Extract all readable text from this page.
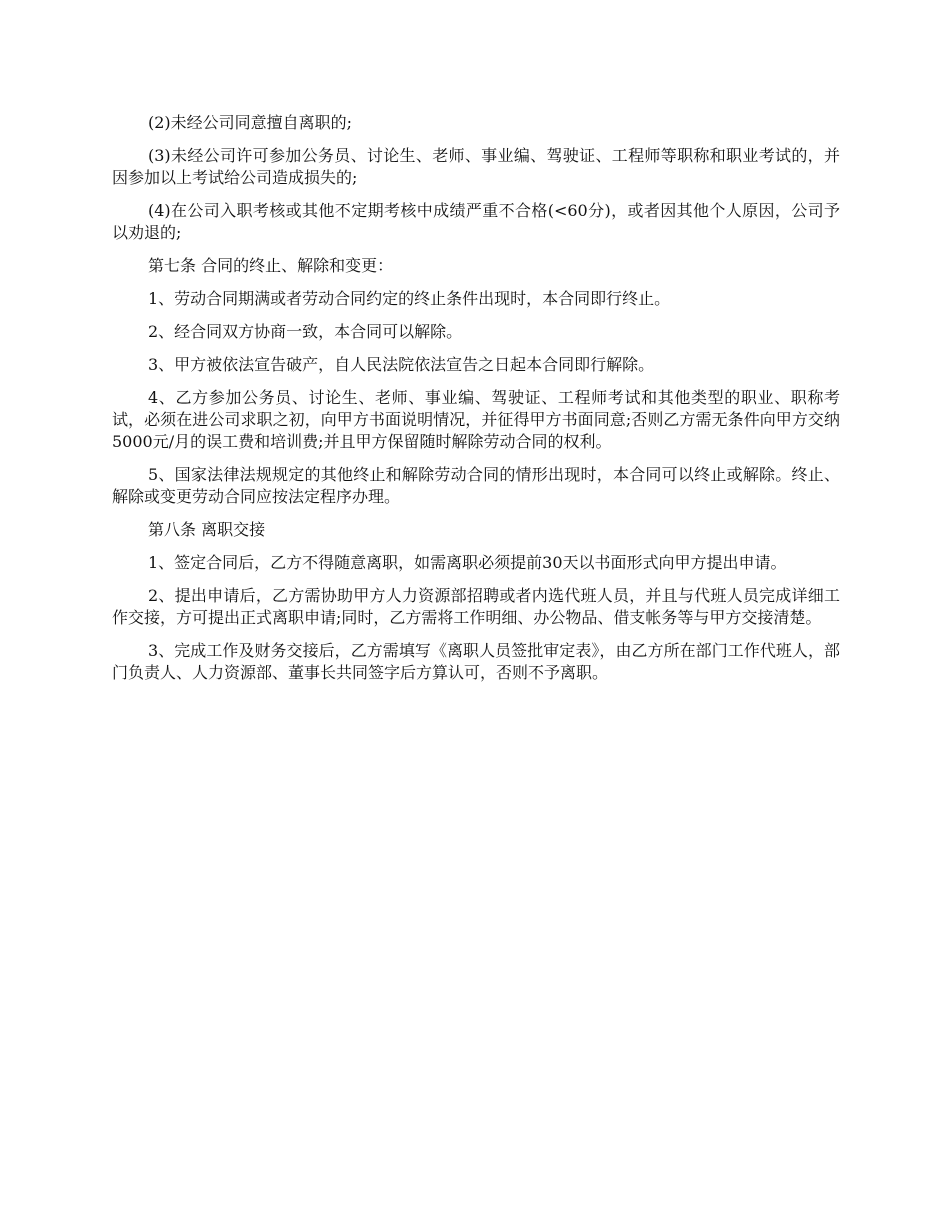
(2)未经公司同意擅自离职的;

(3)未经公司许可参加公务员、讨论生、老师、事业编、驾驶证、工程师等职称和职业考试的，并因参加以上考试给公司造成损失的;

(4)在公司入职考核或其他不定期考核中成绩严重不合格(<60分)，或者因其他个人原因，公司予以劝退的;

第七条 合同的终止、解除和变更：

1、劳动合同期满或者劳动合同约定的终止条件出现时，本合同即行终止。

2、经合同双方协商一致，本合同可以解除。

3、甲方被依法宣告破产，自人民法院依法宣告之日起本合同即行解除。

4、乙方参加公务员、讨论生、老师、事业编、驾驶证、工程师考试和其他类型的职业、职称考试，必须在进公司求职之初，向甲方书面说明情况，并征得甲方书面同意;否则乙方需无条件向甲方交纳5000元/月的误工费和培训费;并且甲方保留随时解除劳动合同的权利。

5、国家法律法规规定的其他终止和解除劳动合同的情形出现时，本合同可以终止或解除。终止、解除或变更劳动合同应按法定程序办理。

第八条 离职交接

1、签定合同后，乙方不得随意离职，如需离职必须提前30天以书面形式向甲方提出申请。

2、提出申请后，乙方需协助甲方人力资源部招聘或者内选代班人员，并且与代班人员完成详细工作交接，方可提出正式离职申请;同时，乙方需将工作明细、办公物品、借支帐务等与甲方交接清楚。

3、完成工作及财务交接后，乙方需填写《离职人员签批审定表》，由乙方所在部门工作代班人，部门负责人、人力资源部、董事长共同签字后方算认可，否则不予离职。
